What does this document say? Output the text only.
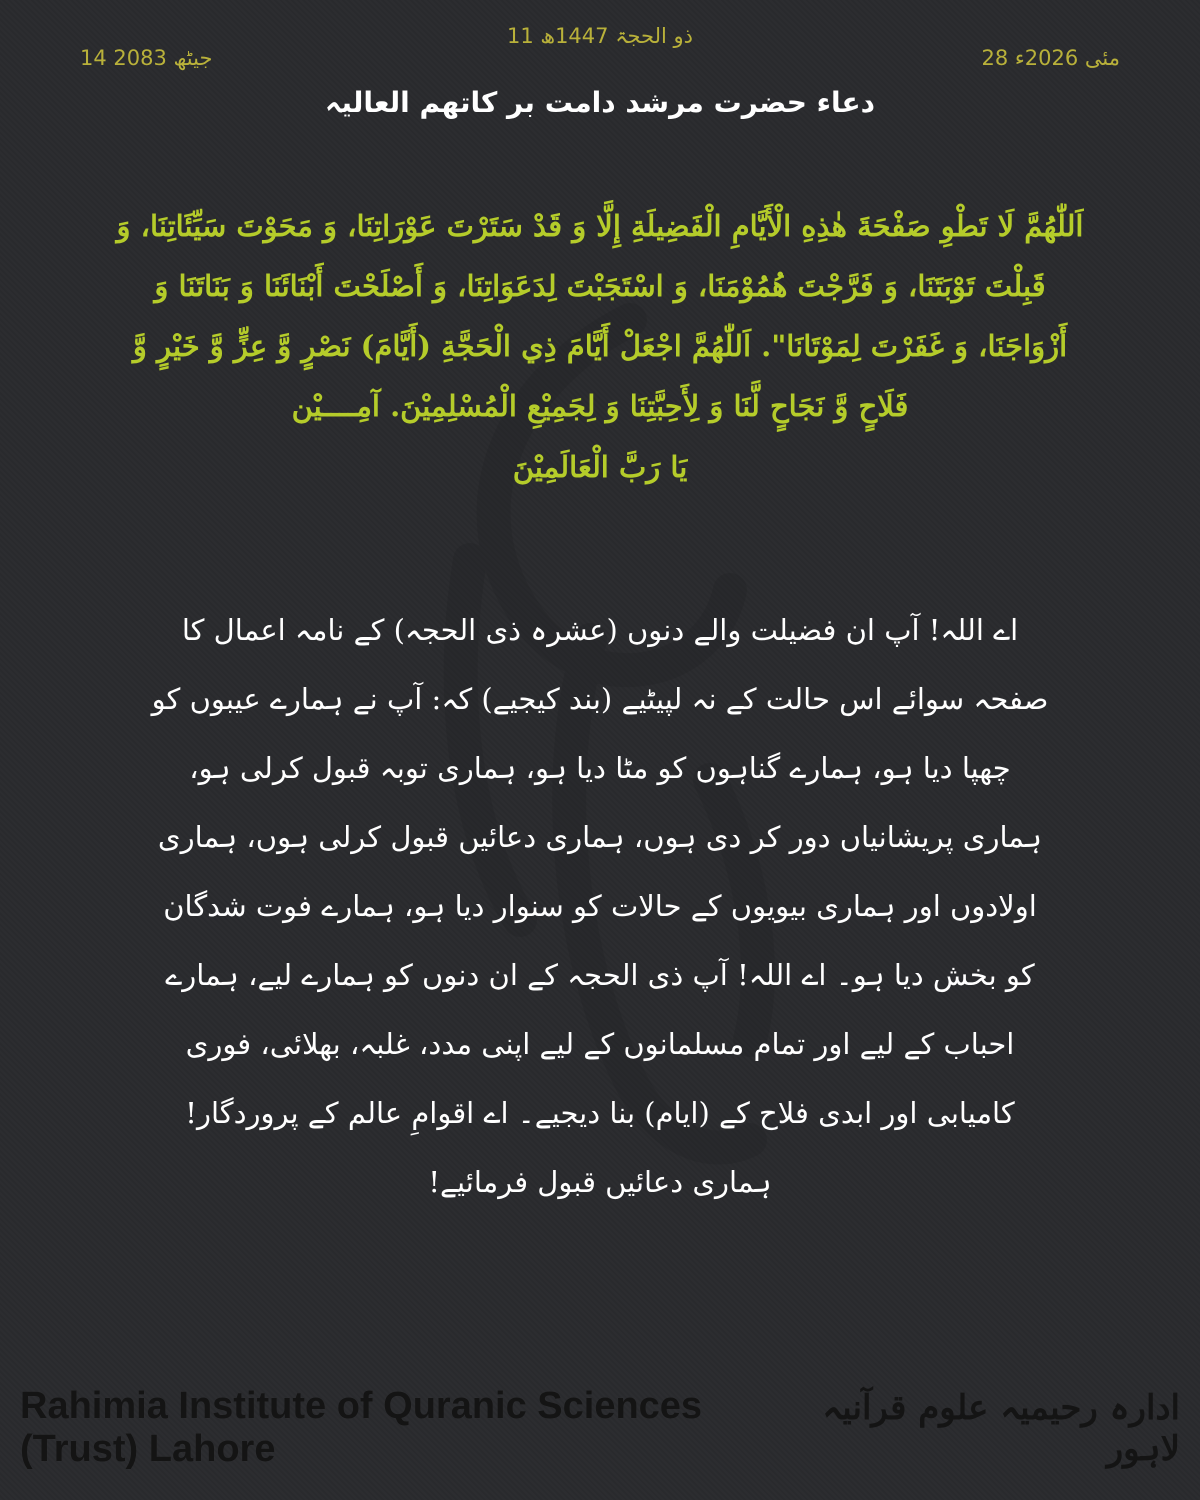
11 ذو الحجۃ 1447ھ
14 جیٹھ 2083	28 مئی 2026ء
دعاء حضرت مرشد دامت بر کاتھم العالیہ
اَللّٰهُمَّ لَا تَطْوِ صَفْحَةَ هٰذِهِ الْأَيَّامِ الْفَضِيلَةِ إِلَّا وَ قَدْ سَتَرْتَ عَوْرَاتِنَا، وَ مَحَوْتَ سَيِّئَاتِنَا، وَ قَبِلْتَ تَوْبَتَنَا، وَ فَرَّجْتَ هُمُوْمَنَا، وَ اسْتَجَبْتَ لِدَعَوَاتِنَا، وَ أَصْلَحْتَ أَبْنَائَنَا وَ بَنَاتَنَا وَ أَزْوَاجَنَا، وَ غَفَرْتَ لِمَوْتَانَا". اَللّٰهُمَّ اجْعَلْ أَيَّامَ ذِي الْحَجَّةِ (أَيَّامَ) نَصْرٍ وَّ عِزٍّ وَّ خَيْرٍ وَّ فَلَاحٍ وَّ نَجَاحٍ لَّنَا وَ لِأَحِبَّتِنَا وَ لِجَمِيْعِ الْمُسْلِمِيْنَ. آمِــــيْن
يَا رَبَّ الْعَالَمِيْنَ
اے اللہ! آپ ان فضیلت والے دنوں (عشرہ ذی الحجہ) کے نامہ اعمال کا صفحہ سوائے اس حالت کے نہ لپیٹیے (بند کیجیے) کہ: آپ نے ہمارے عیبوں کو چھپا دیا ہو، ہمارے گناہوں کو مٹا دیا ہو، ہماری توبہ قبول کرلی ہو، ہماری پریشانیاں دور کر دی ہوں، ہماری دعائیں قبول کرلی ہوں، ہماری اولادوں اور ہماری بیویوں کے حالات کو سنوار دیا ہو، ہمارے فوت شدگان کو بخش دیا ہو۔ اے اللہ! آپ ذی الحجہ کے ان دنوں کو ہمارے لیے، ہمارے احباب کے لیے اور تمام مسلمانوں کے لیے اپنی مدد، غلبہ، بھلائی، فوری کامیابی اور ابدی فلاح کے (ایام) بنا دیجیے۔ اے اقوامِ عالم کے پروردگار! ہماری دعائیں قبول فرمائیے!
Rahimia Institute of Quranic Sciences (Trust) Lahore
ادارہ رحیمیہ علوم قرآنیہ لاہور
